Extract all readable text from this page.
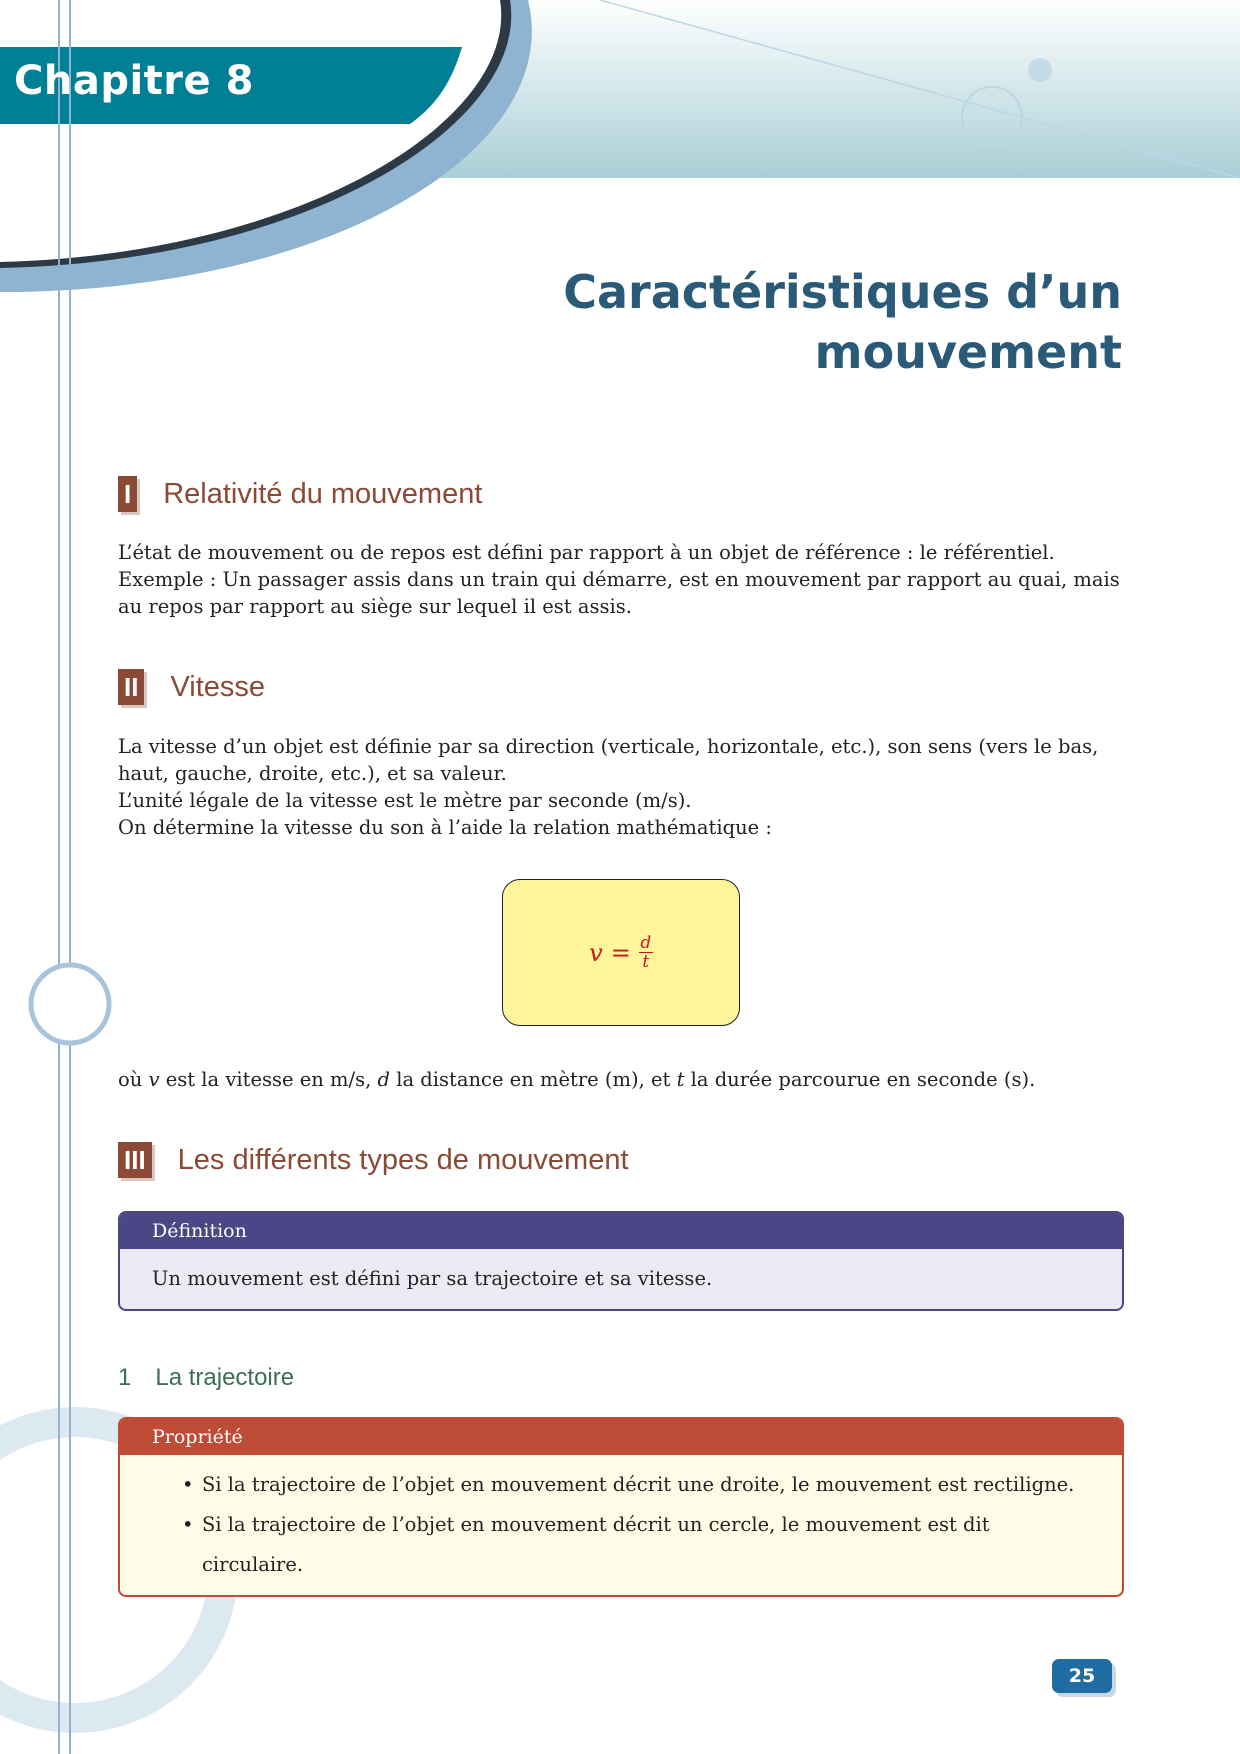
Chapitre 8
Caractéristiques d’un
mouvement
I Relativité du mouvement

L’état de mouvement ou de repos est défini par rapport à un objet de référence : le référentiel.

Exemple : Un passager assis dans un train qui démarre, est en mouvement par rapport au quai, mais au repos par rapport au siège sur lequel il est assis.

II Vitesse

La vitesse d’un objet est définie par sa direction (verticale, horizontale, etc.), son sens (vers le bas, haut, gauche, droite, etc.), et sa valeur.

L’unité légale de la vitesse est le mètre par seconde (m/s).

On détermine la vitesse du son à l’aide la relation mathématique :

$v = \frac{d}{t}$

où v est la vitesse en m/s, d la distance en mètre (m), et t la durée parcourue en seconde (s).

III Les différents types de mouvement
Définition
Un mouvement est défini par sa trajectoire et sa vitesse.
1 La trajectoire
Propriété
• Si la trajectoire de l’objet en mouvement décrit une droite, le mouvement est rectiligne.
• Si la trajectoire de l’objet en mouvement décrit un cercle, le mouvement est dit circulaire.
25
